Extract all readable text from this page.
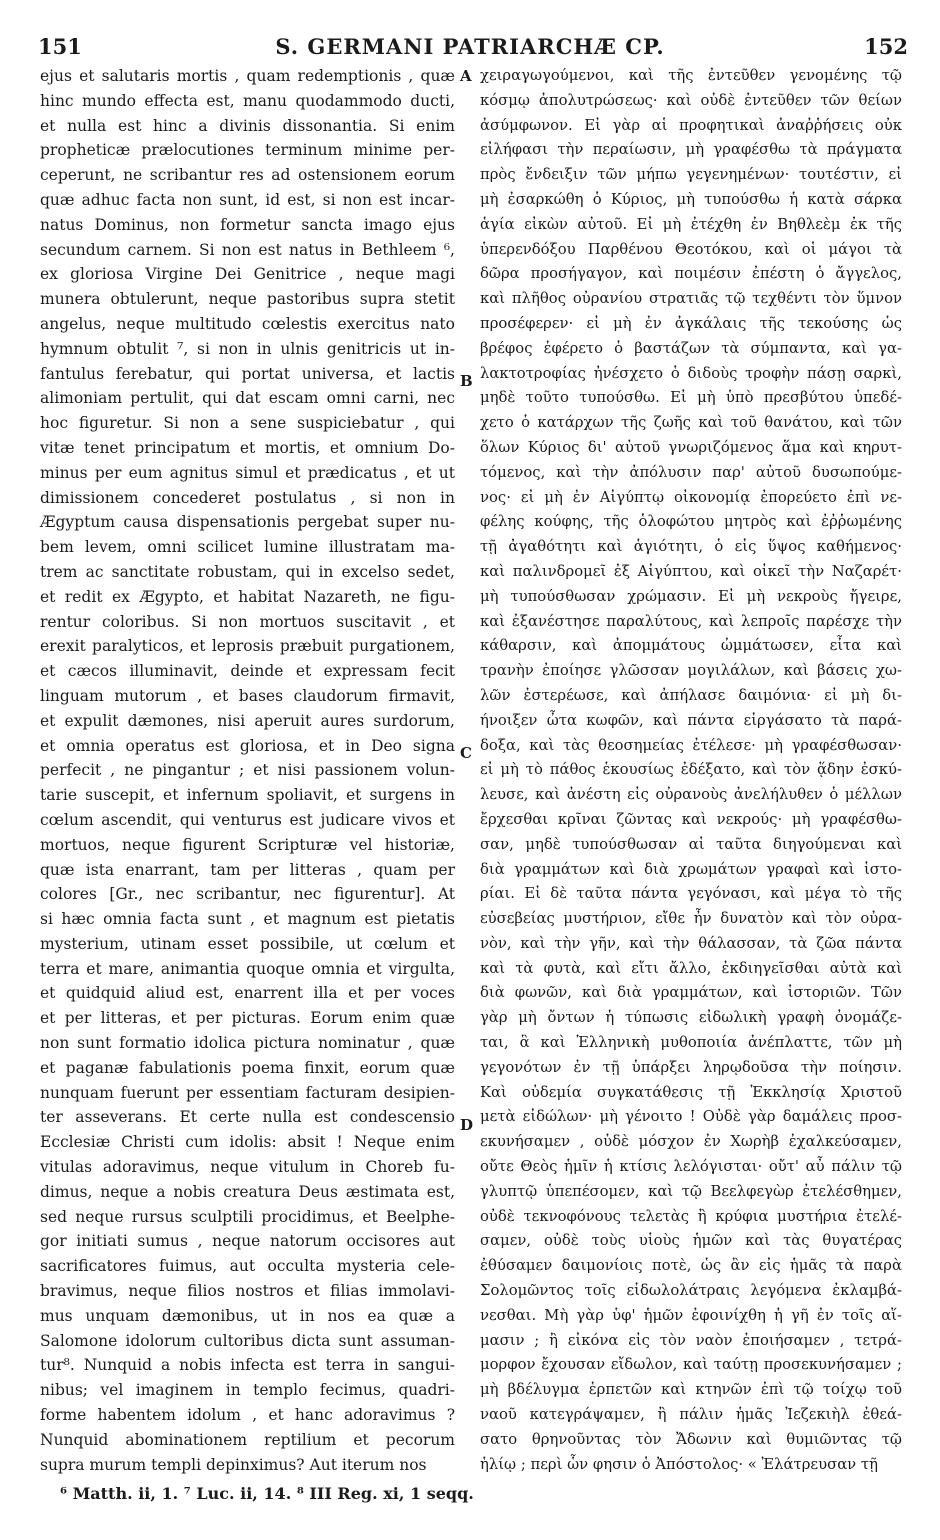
151	S. GERMANI PATRIARCHÆ CP.	152
ejus et salutaris mortis , quam redemptionis , quæ
hinc mundo effecta est, manu quodammodo ducti,
et nulla est hinc a divinis dissonantia. Si enim
propheticæ prælocutiones terminum minime per-
ceperunt, ne scribantur res ad ostensionem eorum
quæ adhuc facta non sunt, id est, si non est incar-
natus Dominus, non formetur sancta imago ejus
secundum carnem. Si non est natus in Bethleem ⁶,
ex gloriosa Virgine Dei Genitrice , neque magi
munera obtulerunt, neque pastoribus supra stetit
angelus, neque multitudo cœlestis exercitus nato
hymnum obtulit ⁷, si non in ulnis genitricis ut in-
fantulus ferebatur, qui portat universa, et lactis
alimoniam pertulit, qui dat escam omni carni, nec
hoc figuretur. Si non a sene suspiciebatur , qui
vitæ tenet principatum et mortis, et omnium Do-
minus per eum agnitus simul et prædicatus , et ut
dimissionem concederet postulatus , si non in
Ægyptum causa dispensationis pergebat super nu-
bem levem, omni scilicet lumine illustratam ma-
trem ac sanctitate robustam, qui in excelso sedet,
et redit ex Ægypto, et habitat Nazareth, ne figu-
rentur coloribus. Si non mortuos suscitavit , et
erexit paralyticos, et leprosis præbuit purgationem,
et cæcos illuminavit, deinde et expressam fecit
linguam mutorum , et bases claudorum firmavit,
et expulit dæmones, nisi aperuit aures surdorum,
et omnia operatus est gloriosa, et in Deo signa
perfecit , ne pingantur ; et nisi passionem volun-
tarie suscepit, et infernum spoliavit, et surgens in
cœlum ascendit, qui venturus est judicare vivos et
mortuos, neque figurent Scripturæ vel historiæ,
quæ ista enarrant, tam per litteras , quam per
colores [Gr., nec scribantur, nec figurentur]. At
si hæc omnia facta sunt , et magnum est pietatis
mysterium, utinam esset possibile, ut cœlum et
terra et mare, animantia quoque omnia et virgulta,
et quidquid aliud est, enarrent illa et per voces
et per litteras, et per picturas. Eorum enim quæ
non sunt formatio idolica pictura nominatur , quæ
et paganæ fabulationis poema finxit, eorum quæ
nunquam fuerunt per essentiam facturam desipien-
ter asseverans. Et certe nulla est condescensio
Ecclesiæ Christi cum idolis: absit ! Neque enim
vitulas adoravimus, neque vitulum in Choreb fu-
dimus, neque a nobis creatura Deus æstimata est,
sed neque rursus sculptili procidimus, et Beelphe-
gor initiati sumus , neque natorum occisores aut
sacrificatores fuimus, aut occulta mysteria cele-
bravimus, neque filios nostros et filias immolavi-
mus unquam dæmonibus, ut in nos ea quæ a
Salomone idolorum cultoribus dicta sunt assuman-
tur⁸. Nunquid a nobis infecta est terra in sangui-
nibus; vel imaginem in templo fecimus, quadri-
forme habentem idolum , et hanc adoravimus ?
Nunquid abominationem reptilium et pecorum
supra murum templi depinximus? Aut iterum nos
χειραγωγούμενοι, καὶ τῆς ἐντεῦθεν γενομένης τῷ
κόσμῳ ἀπολυτρώσεως· καὶ οὐδὲ ἐντεῦθεν τῶν θείων
ἀσύμφωνον. Εἰ γὰρ αἱ προφητικαὶ ἀναῤῥήσεις οὐκ
εἰλήφασι τὴν περαίωσιν, μὴ γραφέσθω τὰ πράγματα
πρὸς ἔνδειξιν τῶν μήπω γεγενημένων· τουτέστιν, εἰ
μὴ ἐσαρκώθη ὁ Κύριος, μὴ τυπούσθω ἡ κατὰ σάρκα
ἁγία εἰκὼν αὐτοῦ. Εἰ μὴ ἐτέχθη ἐν Βηθλεὲμ ἐκ τῆς
ὑπερενδόξου Παρθένου Θεοτόκου, καὶ οἱ μάγοι τὰ
δῶρα προσήγαγον, καὶ ποιμέσιν ἐπέστη ὁ ἄγγελος,
καὶ πλῆθος οὐρανίου στρατιᾶς τῷ τεχθέντι τὸν ὕμνον
προσέφερεν· εἰ μὴ ἐν ἀγκάλαις τῆς τεκούσης ὡς
βρέφος ἐφέρετο ὁ βαστάζων τὰ σύμπαντα, καὶ γα-
λακτοτροφίας ἠνέσχετο ὁ διδοὺς τροφὴν πάσῃ σαρκὶ,
μηδὲ τοῦτο τυπούσθω. Εἰ μὴ ὑπὸ πρεσβύτου ὑπεδέ-
χετο ὁ κατάρχων τῆς ζωῆς καὶ τοῦ θανάτου, καὶ τῶν
ὅλων Κύριος δι' αὐτοῦ γνωριζόμενος ἅμα καὶ κηρυτ-
τόμενος, καὶ τὴν ἀπόλυσιν παρ' αὐτοῦ δυσωπούμε-
νος· εἰ μὴ ἐν Αἰγύπτῳ οἰκονομίᾳ ἐπορεύετο ἐπὶ νε-
φέλης κούφης, τῆς ὁλοφώτου μητρὸς καὶ ἐῤῥωμένης
τῇ ἀγαθότητι καὶ ἁγιότητι, ὁ εἰς ὕψος καθήμενος·
καὶ παλινδρομεῖ ἐξ Αἰγύπτου, καὶ οἰκεῖ τὴν Ναζαρέτ·
μὴ τυπούσθωσαν χρώμασιν. Εἰ μὴ νεκροὺς ἤγειρε,
καὶ ἐξανέστησε παραλύτους, καὶ λεπροῖς παρέσχε τὴν
κάθαρσιν, καὶ ἀπομμάτους ὠμμάτωσεν, εἶτα καὶ
τρανὴν ἐποίησε γλῶσσαν μογιλάλων, καὶ βάσεις χω-
λῶν ἐστερέωσε, καὶ ἀπήλασε δαιμόνια· εἰ μὴ δι-
ήνοιξεν ὦτα κωφῶν, καὶ πάντα εἰργάσατο τὰ παρά-
δοξα, καὶ τὰς θεοσημείας ἐτέλεσε· μὴ γραφέσθωσαν·
εἰ μὴ τὸ πάθος ἑκουσίως ἐδέξατο, καὶ τὸν ᾅδην ἐσκύ-
λευσε, καὶ ἀνέστη εἰς οὐρανοὺς ἀνελήλυθεν ὁ μέλλων
ἔρχεσθαι κρῖναι ζῶντας καὶ νεκρούς· μὴ γραφέσθω-
σαν, μηδὲ τυπούσθωσαν αἱ ταῦτα διηγούμεναι καὶ
διὰ γραμμάτων καὶ διὰ χρωμάτων γραφαὶ καὶ ἱστο-
ρίαι. Εἰ δὲ ταῦτα πάντα γεγόνασι, καὶ μέγα τὸ τῆς
εὐσεβείας μυστήριον, εἴθε ἦν δυνατὸν καὶ τὸν οὐρα-
νὸν, καὶ τὴν γῆν, καὶ τὴν θάλασσαν, τὰ ζῶα πάντα
καὶ τὰ φυτὰ, καὶ εἴτι ἄλλο, ἐκδιηγεῖσθαι αὐτὰ καὶ
διὰ φωνῶν, καὶ διὰ γραμμάτων, καὶ ἱστοριῶν. Τῶν
γὰρ μὴ ὄντων ἡ τύπωσις εἰδωλικὴ γραφὴ ὀνομάζε-
ται, ἃ καὶ Ἑλληνικὴ μυθοποιία ἀνέπλαττε, τῶν μὴ
γεγονότων ἐν τῇ ὑπάρξει ληρῳδοῦσα τὴν ποίησιν.
Καὶ οὐδεμία συγκατάθεσις τῇ Ἐκκλησίᾳ Χριστοῦ
μετὰ εἰδώλων· μὴ γένοιτο ! Οὐδὲ γὰρ δαμάλεις προσ-
εκυνήσαμεν , οὐδὲ μόσχον ἐν Χωρὴβ ἐχαλκεύσαμεν,
οὔτε Θεὸς ἡμῖν ἡ κτίσις λελόγισται· οὔτ' αὖ πάλιν τῷ
γλυπτῷ ὑπεπέσομεν, καὶ τῷ Βεελφεγὼρ ἐτελέσθημεν,
οὐδὲ τεκνοφόνους τελετὰς ἢ κρύφια μυστήρια ἐτελέ-
σαμεν, οὐδὲ τοὺς υἱοὺς ἡμῶν καὶ τὰς θυγατέρας
ἐθύσαμεν δαιμονίοις ποτὲ, ὡς ἂν εἰς ἡμᾶς τὰ παρὰ
Σολομῶντος τοῖς εἰδωλολάτραις λεγόμενα ἐκλαμβά-
νεσθαι. Μὴ γὰρ ὑφ' ἡμῶν ἐφοινίχθη ἡ γῆ ἐν τοῖς αἵ-
μασιν ; ἢ εἰκόνα εἰς τὸν ναὸν ἐποιήσαμεν , τετρά-
μορφον ἔχουσαν εἴδωλον, καὶ ταύτῃ προσεκυνήσαμεν ;
μὴ βδέλυγμα ἑρπετῶν καὶ κτηνῶν ἐπὶ τῷ τοίχῳ τοῦ
ναοῦ κατεγράψαμεν, ἢ πάλιν ἡμᾶς Ἰεζεκιὴλ ἐθεά-
σατο θρηνοῦντας τὸν Ἄδωνιν καὶ θυμιῶντας τῷ
ἡλίῳ ; περὶ ὧν φησιν ὁ Ἀπόστολος· « Ἐλάτρευσαν τῇ
A
B
C
D
⁶ Matth. ii, 1. ⁷ Luc. ii, 14. ⁸ III Reg. xi, 1 seqq.
